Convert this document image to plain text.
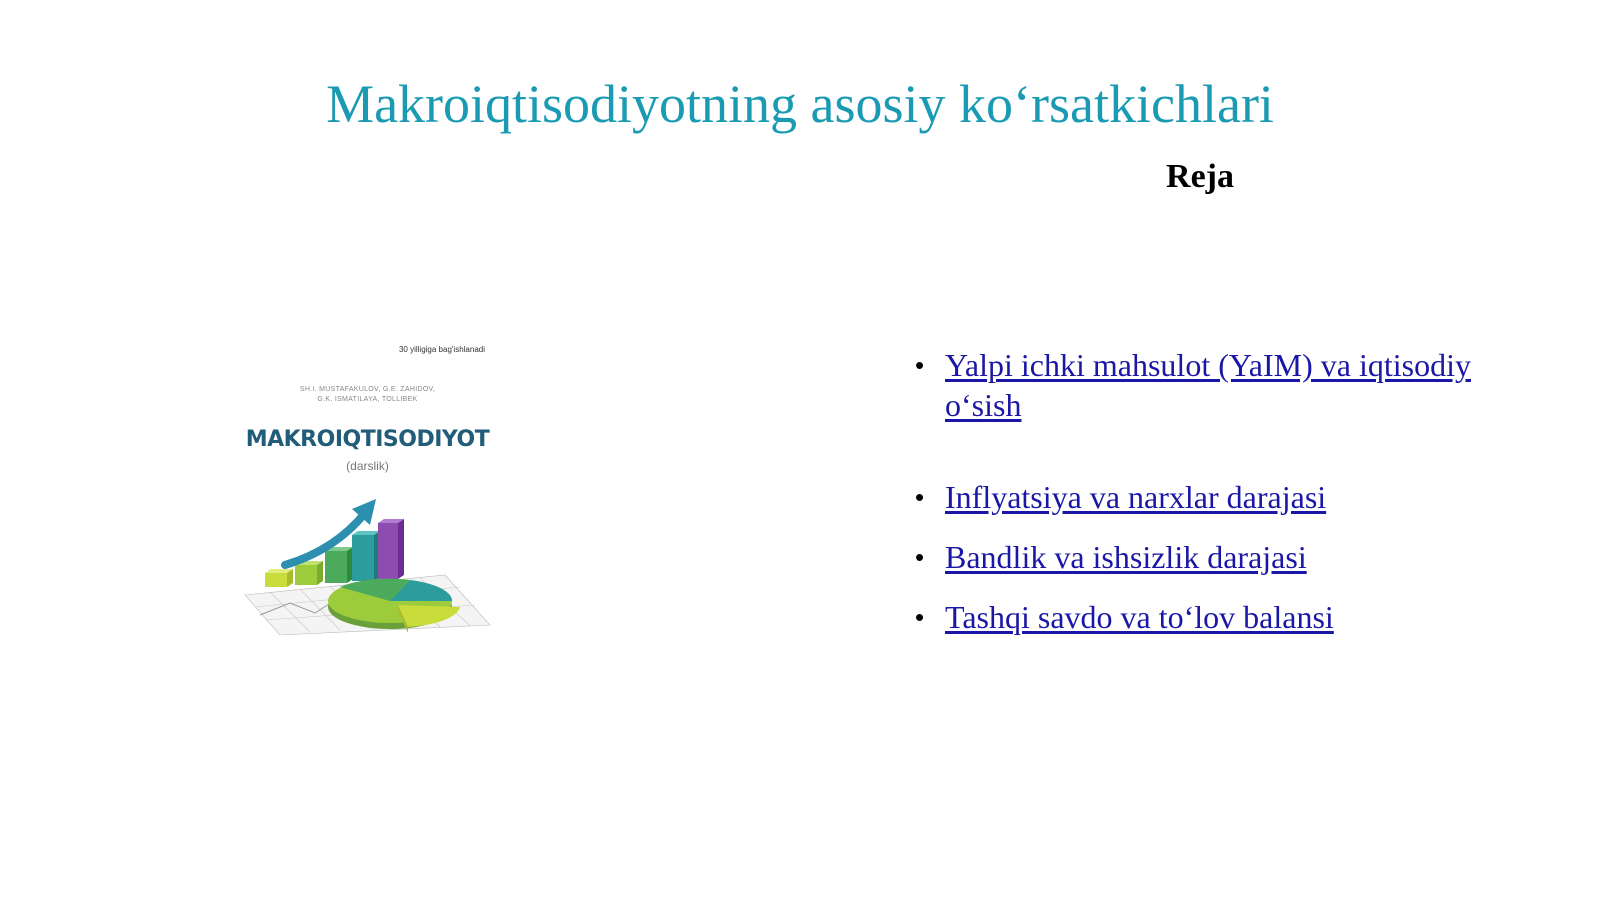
Makroiqtisodiyotning asosiy ko‘rsatkichlari
Reja
30 yilligiga bag'ishlanadi
SH.I. MUSTAFAKULOV, G.E. ZAHIDOV,
G.K. ISMATILAYA, TOLLIBEK
MAKROIQTISODIYOT
(darslik)
• Yalpi ichki mahsulot (YaIM) va iqtisodiy o‘sish
• Inflyatsiya va narxlar darajasi
• Bandlik va ishsizlik darajasi
• Tashqi savdo va to‘lov balansi
